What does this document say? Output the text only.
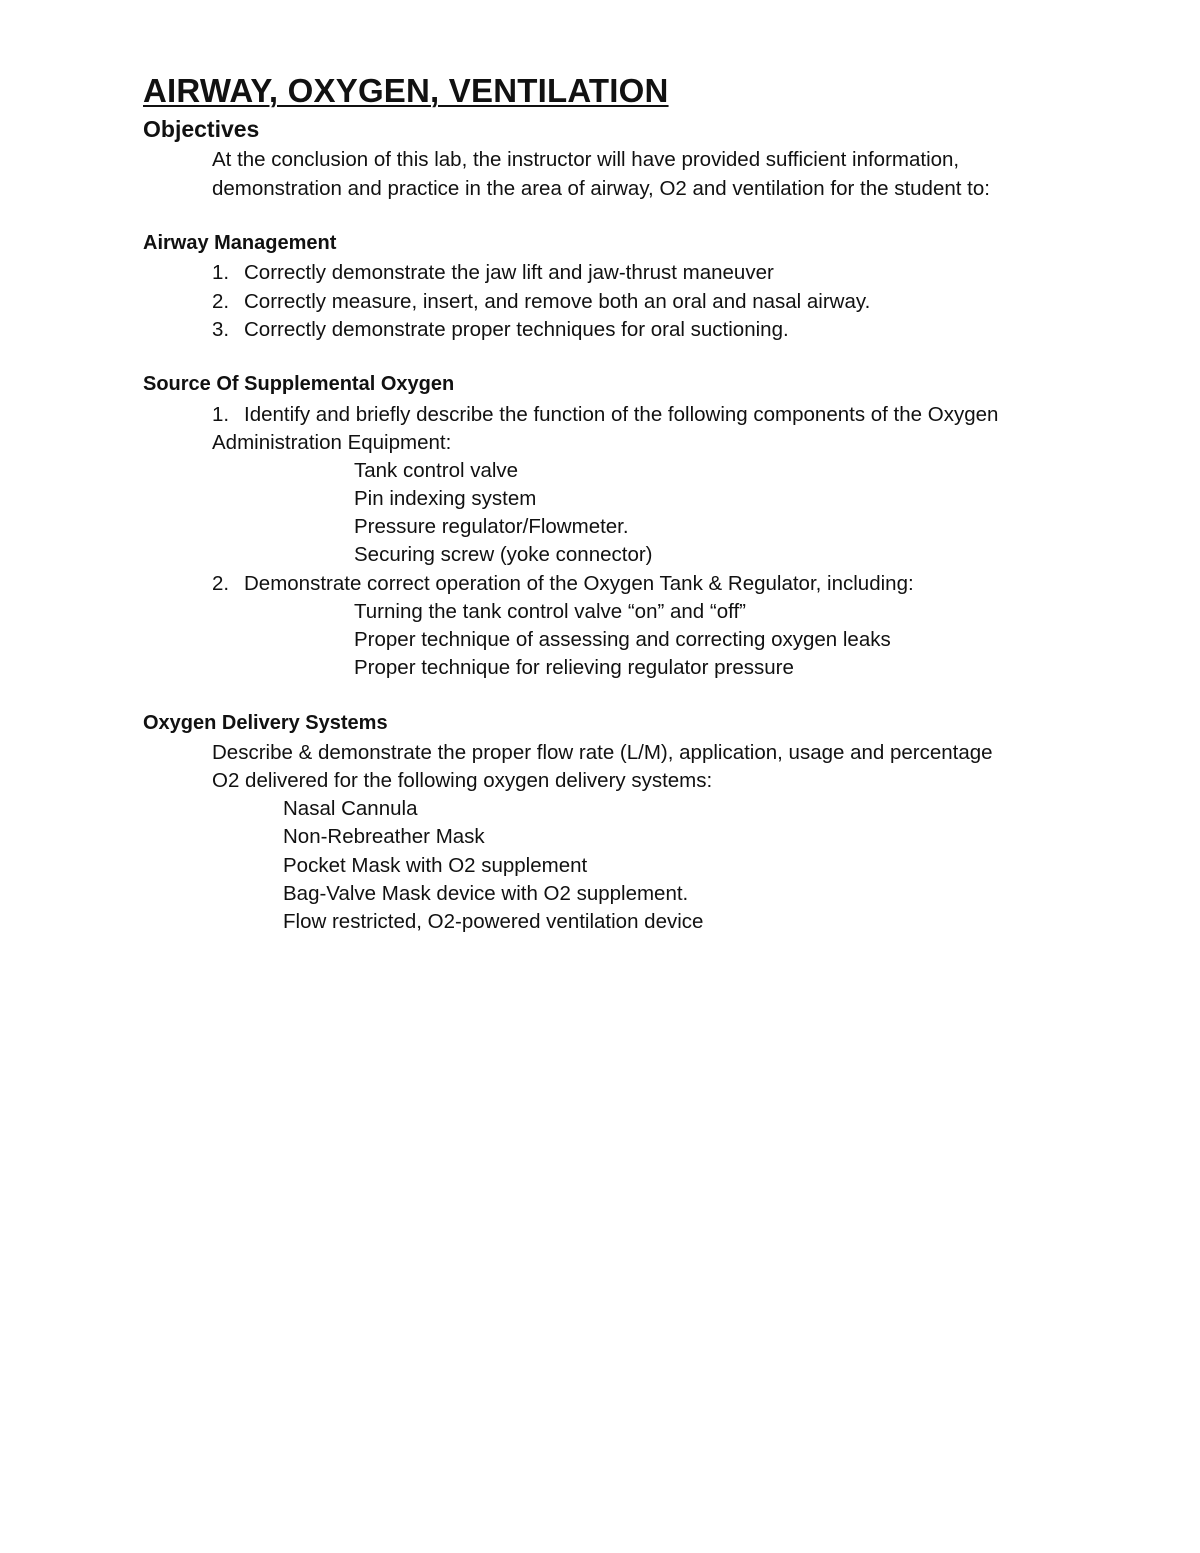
AIRWAY, OXYGEN, VENTILATION
Objectives

At the conclusion of this lab, the instructor will have provided sufficient information,

demonstration and practice in the area of airway, O2 and ventilation for the student to:

Airway Management

1. Correctly demonstrate the jaw lift and jaw-thrust maneuver

2. Correctly measure, insert, and remove both an oral and nasal airway.

3. Correctly demonstrate proper techniques for oral suctioning.

Source Of Supplemental Oxygen

1. Identify and briefly describe the function of the following components of the Oxygen

Administration Equipment:

Tank control valve

Pin indexing system

Pressure regulator/Flowmeter.

Securing screw (yoke connector)

2. Demonstrate correct operation of the Oxygen Tank & Regulator, including:

Turning the tank control valve “on” and “off”

Proper technique of assessing and correcting oxygen leaks

Proper technique for relieving regulator pressure

Oxygen Delivery Systems

Describe & demonstrate the proper flow rate (L/M), application, usage and percentage

O2 delivered for the following oxygen delivery systems:

Nasal Cannula

Non-Rebreather Mask

Pocket Mask with O2 supplement

Bag-Valve Mask device with O2 supplement.

Flow restricted, O2-powered ventilation device
